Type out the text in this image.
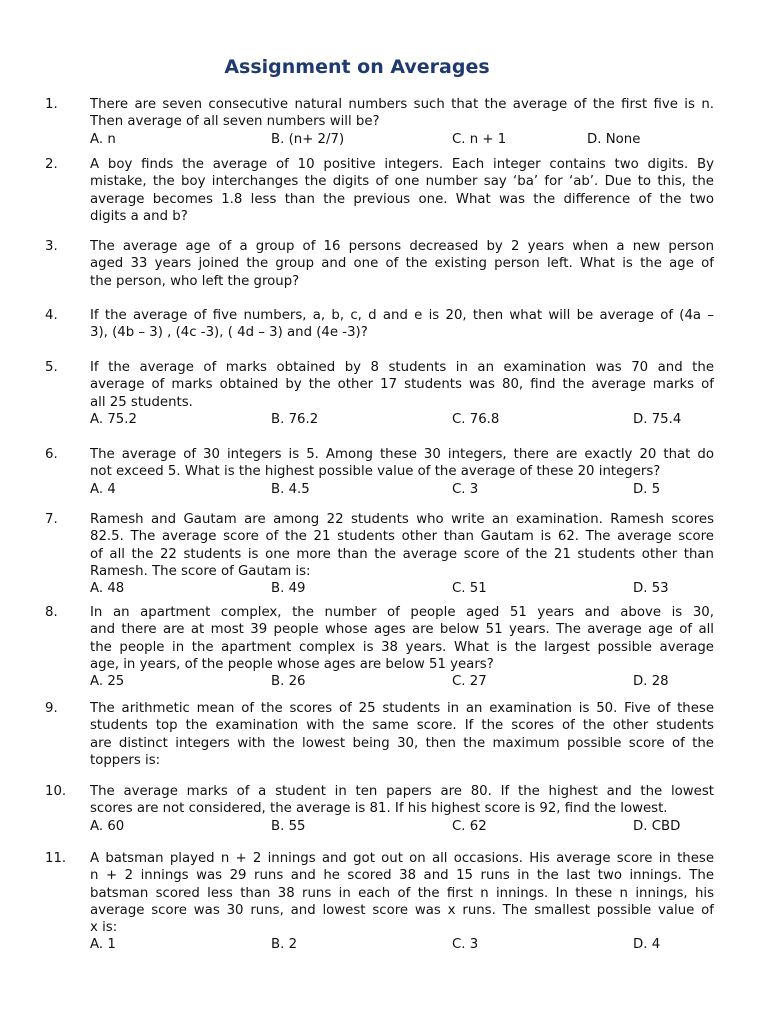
Assignment on Averages
1.	There are seven consecutive natural numbers such that the average of the first five is n.
Then average of all seven numbers will be?
A. n	B. (n+ 2/7)	C. n + 1	D. None
2.	A boy finds the average of 10 positive integers. Each integer contains two digits. By
mistake, the boy interchanges the digits of one number say ‘ba’ for ‘ab’. Due to this, the
average becomes 1.8 less than the previous one. What was the difference of the two
digits a and b?
3.	The average age of a group of 16 persons decreased by 2 years when a new person
aged 33 years joined the group and one of the existing person left. What is the age of
the person, who left the group?
4.	If the average of five numbers, a, b, c, d and e is 20, then what will be average of (4a –
3), (4b – 3) , (4c -3), ( 4d – 3) and (4e -3)?
5.	If the average of marks obtained by 8 students in an examination was 70 and the
average of marks obtained by the other 17 students was 80, find the average marks of
all 25 students.
A. 75.2	B. 76.2	C. 76.8	D. 75.4
6.	The average of 30 integers is 5. Among these 30 integers, there are exactly 20 that do
not exceed 5. What is the highest possible value of the average of these 20 integers?
A. 4	B. 4.5	C. 3	D. 5
7.	Ramesh and Gautam are among 22 students who write an examination. Ramesh scores
82.5. The average score of the 21 students other than Gautam is 62. The average score
of all the 22 students is one more than the average score of the 21 students other than
Ramesh. The score of Gautam is:
A. 48	B. 49	C. 51	D. 53
8.	In an apartment complex, the number of people aged 51 years and above is 30,
and there are at most 39 people whose ages are below 51 years. The average age of all
the people in the apartment complex is 38 years. What is the largest possible average
age, in years, of the people whose ages are below 51 years?
A. 25	B. 26	C. 27	D. 28
9.	The arithmetic mean of the scores of 25 students in an examination is 50. Five of these
students top the examination with the same score. If the scores of the other students
are distinct integers with the lowest being 30, then the maximum possible score of the
toppers is:
10.	The average marks of a student in ten papers are 80. If the highest and the lowest
scores are not considered, the average is 81. If his highest score is 92, find the lowest.
A. 60	B. 55	C. 62	D. CBD
11.	A batsman played n + 2 innings and got out on all occasions. His average score in these
n + 2 innings was 29 runs and he scored 38 and 15 runs in the last two innings. The
batsman scored less than 38 runs in each of the first n innings. In these n innings, his
average score was 30 runs, and lowest score was x runs. The smallest possible value of
x is:
A. 1	B. 2	C. 3	D. 4
